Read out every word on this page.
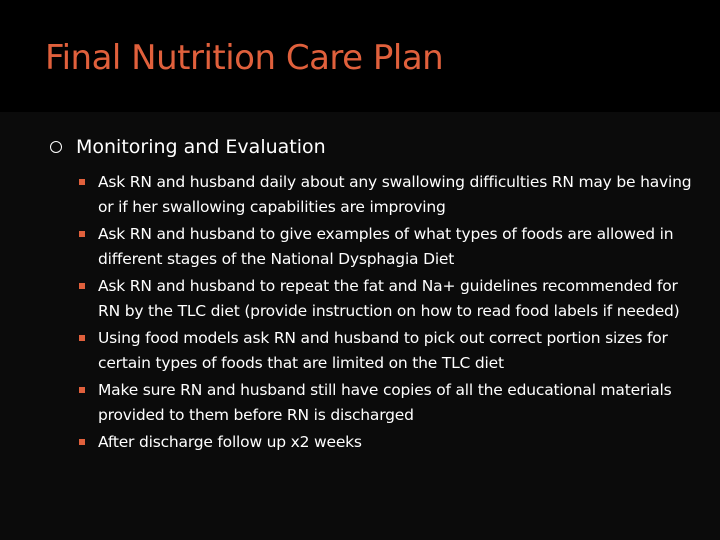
Final Nutrition Care Plan
Monitoring and Evaluation
Ask RN and husband daily about any swallowing difficulties RN may be having or if her swallowing capabilities are improving
Ask RN and husband to give examples of what types of foods are allowed in different stages of the National Dysphagia Diet
Ask RN and husband to repeat the fat and Na+ guidelines recommended for RN by the TLC diet (provide instruction on how to read food labels if needed)
Using food models ask RN and husband to pick out correct portion sizes for certain types of foods that are limited on the TLC diet
Make sure RN and husband still have copies of all the educational materials provided to them before RN is discharged
After discharge follow up x2 weeks
